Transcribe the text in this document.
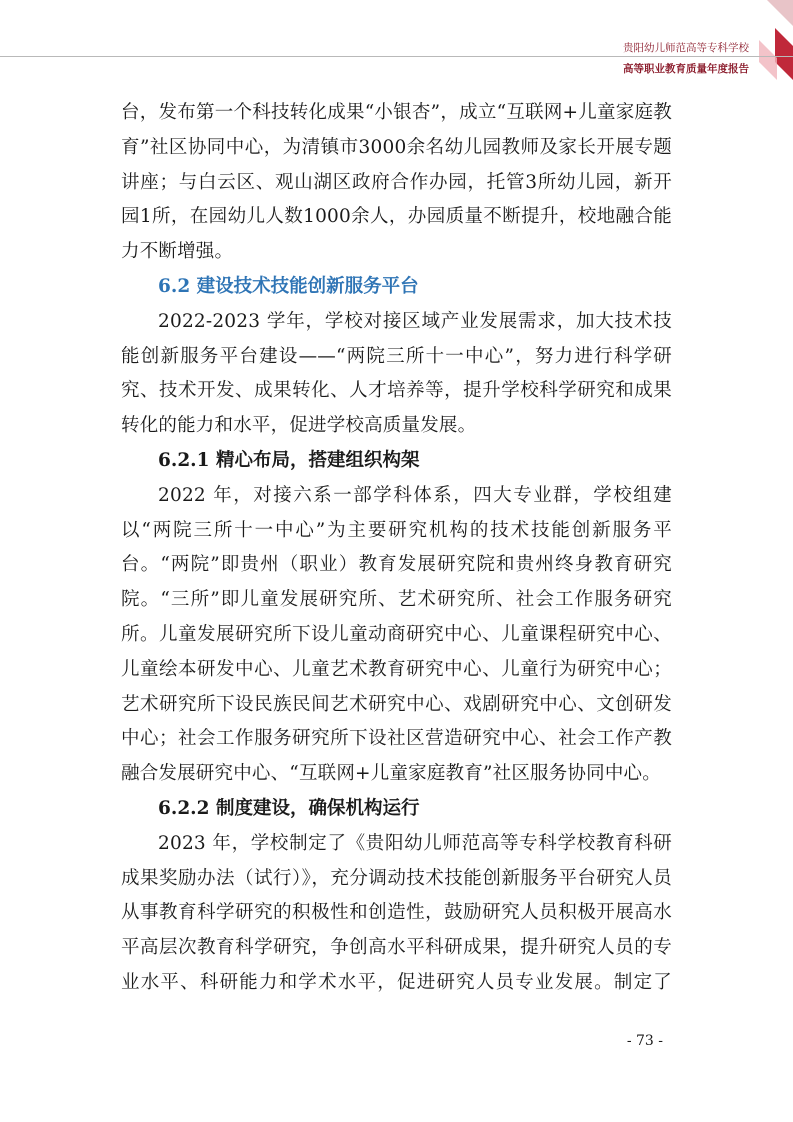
贵阳幼儿师范高等专科学校
高等职业教育质量年度报告

台，发布第一个科技转化成果“小银杏”，成立“互联网+儿童家庭教育”社区协同中心，为清镇市3000余名幼儿园教师及家长开展专题讲座；与白云区、观山湖区政府合作办园，托管3所幼儿园，新开园1所，在园幼儿人数1000余人，办园质量不断提升，校地融合能力不断增强。

6.2 建设技术技能创新服务平台

2022-2023 学年，学校对接区域产业发展需求，加大技术技能创新服务平台建设——“两院三所十一中心”，努力进行科学研究、技术开发、成果转化、人才培养等，提升学校科学研究和成果转化的能力和水平，促进学校高质量发展。

6.2.1 精心布局，搭建组织构架

2022 年，对接六系一部学科体系，四大专业群，学校组建以“两院三所十一中心”为主要研究机构的技术技能创新服务平台。“两院”即贵州（职业）教育发展研究院和贵州终身教育研究院。“三所”即儿童发展研究所、艺术研究所、社会工作服务研究所。儿童发展研究所下设儿童动商研究中心、儿童课程研究中心、儿童绘本研发中心、儿童艺术教育研究中心、儿童行为研究中心；艺术研究所下设民族民间艺术研究中心、戏剧研究中心、文创研发中心；社会工作服务研究所下设社区营造研究中心、社会工作产教融合发展研究中心、“互联网+儿童家庭教育”社区服务协同中心。

6.2.2 制度建设，确保机构运行

2023 年，学校制定了《贵阳幼儿师范高等专科学校教育科研成果奖励办法（试行）》，充分调动技术技能创新服务平台研究人员从事教育科学研究的积极性和创造性，鼓励研究人员积极开展高水平高层次教育科学研究，争创高水平科研成果，提升研究人员的专业水平、科研能力和学术水平，促进研究人员专业发展。制定了

- 73 -
